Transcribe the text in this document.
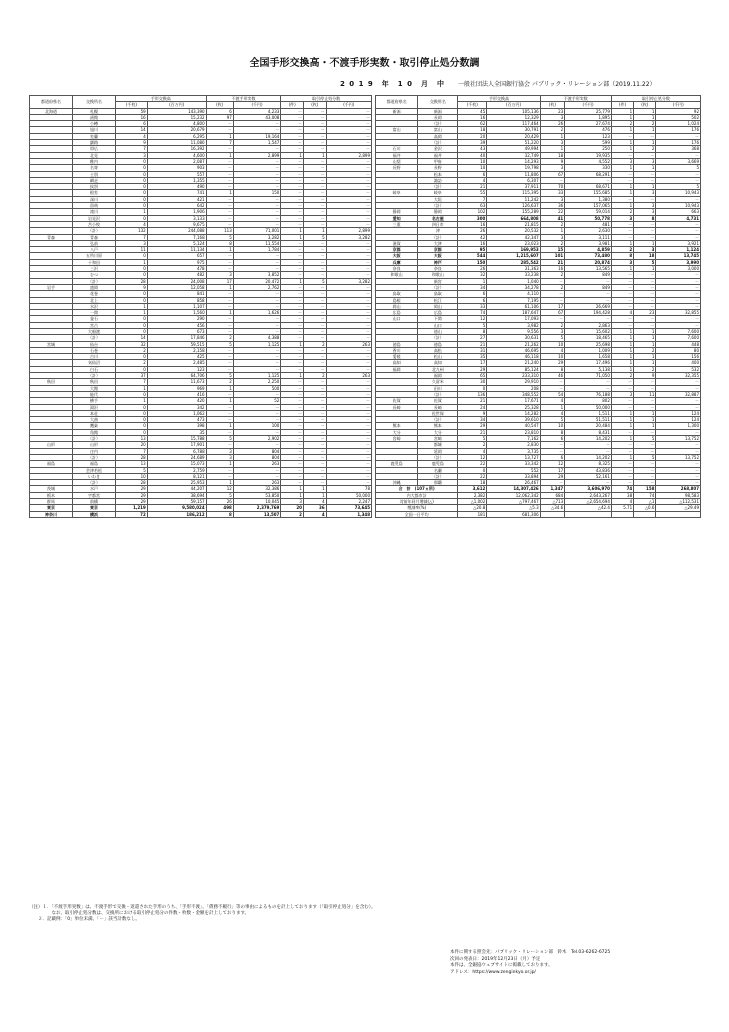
全国手形交換高・不渡手形実数・取引停止処分数調
2 0 1 9　年　1 0　月　中 一般社団法人全国銀行協会 パブリック・リレーション部（2019.11.22）
都道府県名	交換所名	手形交換高		不渡手形実数		取引停止処分数		
		(千枚)	(百万円)	(枚)	(千円)	(件)	(枚)	(千円)
北海道	札幌	59	143,390	6	4,233	－	－	－
	函館	16	15,232	97	43,008	－	－	－
	小樽	6	4,800	－	－	－	－	－
	旭川	14	20,679	－	－	－	－	－
	室蘭	4	6,295	1	19,164	－	－	－
	釧路	9	11,080	7	1,547	－	－	－
	帯広	7	16,392	－	－	－	－	－
	北見	3	4,600	1	2,899	1	1	2,899
	稚内	0	2,087	－	－	－	－	－
	名寄	0	903	－	－	－	－	－
	士別	0	557	－	－	－	－	－
	網走	0	1,355	－	－	－	－	－
	紋別	0	490	－	－	－	－	－
	根室	0	741	1	150	－	－	－
	深川	0	421	－	－	－	－	－
	留萌	0	642	－	－	－	－	－
	滝川	1	1,906	－	－	－	－	－
	岩見沢	0	3,133	－	－	－	－	－
	苫小牧	4	9,675	－	－	－	－	－
	（計）	132	244,088	113	71,001	1	1	2,899
青森	青森	7	7,168	5	3,282	1	5	3,282
	弘前	3	5,124	8	11,554	－	－	－
	八戸	11	11,134	1	1,784	－	－	－
	五所川原	0	657	－	－	－	－	－
	十和田	1	975	－	－	－	－	－
	三沢	0	478	－	－	－	－	－
	むつ	0	482	3	3,852	－	－	－
	（計）	28	24,008	17	20,472	1	5	3,282
岩手	盛岡	9	12,058	1	2,762	－	－	－
	花巻	0	841	－	－	－	－	－
	北上	0	858	－	－	－	－	－
	水沢	1	1,107	－	－	－	－	－
	一関	1	1,560	1	1,626	－	－	－
	釜石	0	290	－	－	－	－	－
	宮古	0	456	－	－	－	－	－
	大船渡	0	673	－	－	－	－	－
	（計）	14	17,846	2	4,388	－	－	－
宮城	仙台	32	59,515	5	1,125	1	2	263
	石巻	2	2,158	－	－	－	－	－
	古川	0	425	－	－	－	－	－
	気仙沼	2	2,485	－	－	－	－	－
	白石	0	123	－	－	－	－	－
	（計）	37	64,706	5	1,125	1	2	263
秋田	秋田	7	11,673	2	2,250	－	－	－
	大館	1	969	1	500	－	－	－
	能代	0	416	－	－	－	－	－
	横手	1	420	1	52	－	－	－
	湯沢	0	342	－	－	－	－	－
	本荘	0	1,062	－	－	－	－	－
	大曲	0	473	－	－	－	－	－
	鷹巣	0	398	1	100	－	－	－
	角館	0	35	－	－	－	－	－
	（計）	13	15,788	5	2,902	－	－	－
山形	山形	20	17,901	－	－	－	－	－
	庄内	7	6,788	3	804	－	－	－
	（計）	28	24,689	3	804	－	－	－
福島	福島	13	15,073	1	263	－	－	－
	会津若松	5	2,759	－	－	－	－	－
	いわき	10	8,121	－	－	－	－	－
	（計）	28	25,953	1	263	－	－	－
茨城	水戸	29	44,207	12	32,386	1	1	78
栃木	宇都宮	29	38,694	5	53,850	1	1	50,000
群馬	前橋	29	59,157	26	10,045	3	4	2,247
東京	東京	1,219	9,580,024	498	2,379,769	20	36	73,645
神奈川	横浜	72	186,212	8	13,507	2	4	1,348
都道府県名	交換所名	手形交換高		不渡手形実数		取引停止処分数		
		(千枚)	(百万円)	(枚)	(千円)	(件)	(枚)	(千円)
新潟	新潟	45	105,136	23	25,779	1	1	92
	長岡	16	12,329	3	1,895	1	1	502
	（計）	62	117,464	26	27,674	2	2	1,024
富山	富山	18	30,791	2	476	1	1	176
	高岡	20	20,429	1	123	－	－	－
	（計）	39	51,220	3	599	1	1	176
石川	金沢	43	49,994	1	250	1	2	368
福井	福井	40	32,749	18	19,935	－	－	－
山梨	甲府	10	14,293	9	4,552	3	3	3,669
長野	長野	10	19,798	3	330	1	1	5
	松本	6	11,806	67	68,291	－	－	－
	諏訪	4	6,307	－	－	－	－	－
	（計）	21	37,911	70	68,671	1	1	5
岐阜	岐阜	55	115,395	33	155,685	1	3	10,943
	大垣	7	11,242	3	1,380	－	－	－
	（計）	63	126,637	36	157,065	1	3	10,943
静岡	静岡	102	155,289	22	59,014	2	3	663
愛知	名古屋	300	664,808	41	50,778	3	8	4,731
三重	四日市	16	21,815	2	481	－	－	－
	津	26	20,532	1	2,630	－	－	－
	（計）	42	42,347	3	3,111	－	－	－
滋賀	大津	16	23,023	2	3,981	1	1	3,921
京都	京都	95	169,953	15	4,859	2	3	1,124
大阪	大阪	544	1,215,607	101	73,480	8	18	13,745
兵庫	神戸	150	285,542	21	20,874	3	5	3,990
奈良	奈良	26	31,363	16	13,565	1	1	3,000
和歌山	和歌山	32	33,238	2	849	－	－	－
	新宮	1	1,040	－	－	－	－	－
	（計）	34	34,278	2	849	－	－	－
鳥取	鳥取	6	4,110	－	－	－	－	－
島根	松江	6	7,195	－	－	－	－	－
岡山	岡山	33	61,106	17	26,669	－	－	－
広島	広島	74	187,647	67	194,428	4	23	32,855
山口	下関	12	17,093	－	－	－	－	－
	山口	5	3,982	2	2,863	－	－	－
	徳山	8	9,556	3	15,602	1	1	7,600
	（計）	27	30,631	5	18,465	1	1	7,600
徳島	徳島	21	21,262	10	25,698	1	1	448
香川	高松	31	46,695	4	1,009	1	2	80
愛媛	松山	35	46,118	10	1,658	1	1	156
高知	高知	17	21,240	29	17,496	1	1	400
福岡	北九州	29	85,124	8	5,138	1	2	532
	福岡	65	233,310	46	71,050	2	9	32,355
	久留米	30	29,910	－	－	－	－	－
	田川	0	208	－	－	－	－	－
	（計）	136	348,552	54	76,188	3	11	32,887
佐賀	佐賀	21	17,671	4	802	－	－	－
長崎	長崎	24	25,328	1	50,000	－	－	－
	佐世保	9	14,282	4	1,511	1	1	124
	（計）	34	39,610	5	51,511	1	1	124
熊本	熊本	29	40,547	10	20,484	1	1	1,300
大分	大分	21	23,810	8	8,431	－	－	－
宮崎	宮崎	5	7,162	6	14,202	1	5	13,752
	都城	2	2,830	－	－	－	－	－
	延岡	4	3,735	－	－	－	－	－
	（計）	12	13,727	6	14,202	1	5	13,752
鹿児島	鹿児島	22	33,342	12	8,325	－	－	－
	名瀬	0	552	17	43,836	－	－	－
	（計）	22	33,894	29	52,161	－	－	－
沖縄	那覇	18	26,467	－	－	－	－	－
合　計　(107ヵ所)		3,612	14,307,426	1,347	3,606,970	74	158	268,807
内大都市計		2,382	12,062,342	684	2,643,267	38	74	98,583
対前年同月増減(△)		△1,002	△797,467	△713	△2,654,694	4	△1	△112,531
増減率(%)		△20.8	△5.3	△34.6	△42.4	5.71	△0.6	△29.49
全国一日平均		181	681,306					
（注）１．「不渡手形実数」は、不渡手形で交換・返還された手形のうち、「手形不渡」、「債務不履行」等の事由によるものを計上しております（「取引停止処分」を含む）。
　　　　　なお、取引停止処分数は、交換所における取引停止処分の件数・枚数・金額を計上しております。
　　２．記載例：「0」単位未満、「－」該当計数なし。
本件に関する照会先：パブリック・リレーション部　鈴木　Tel.03-6262-6725
次回の発表日：2019年12月23日（月）予定
本件は、全銀協ウェブサイトに掲載しております。
アドレス：https://www.zenginkyo.or.jp/
